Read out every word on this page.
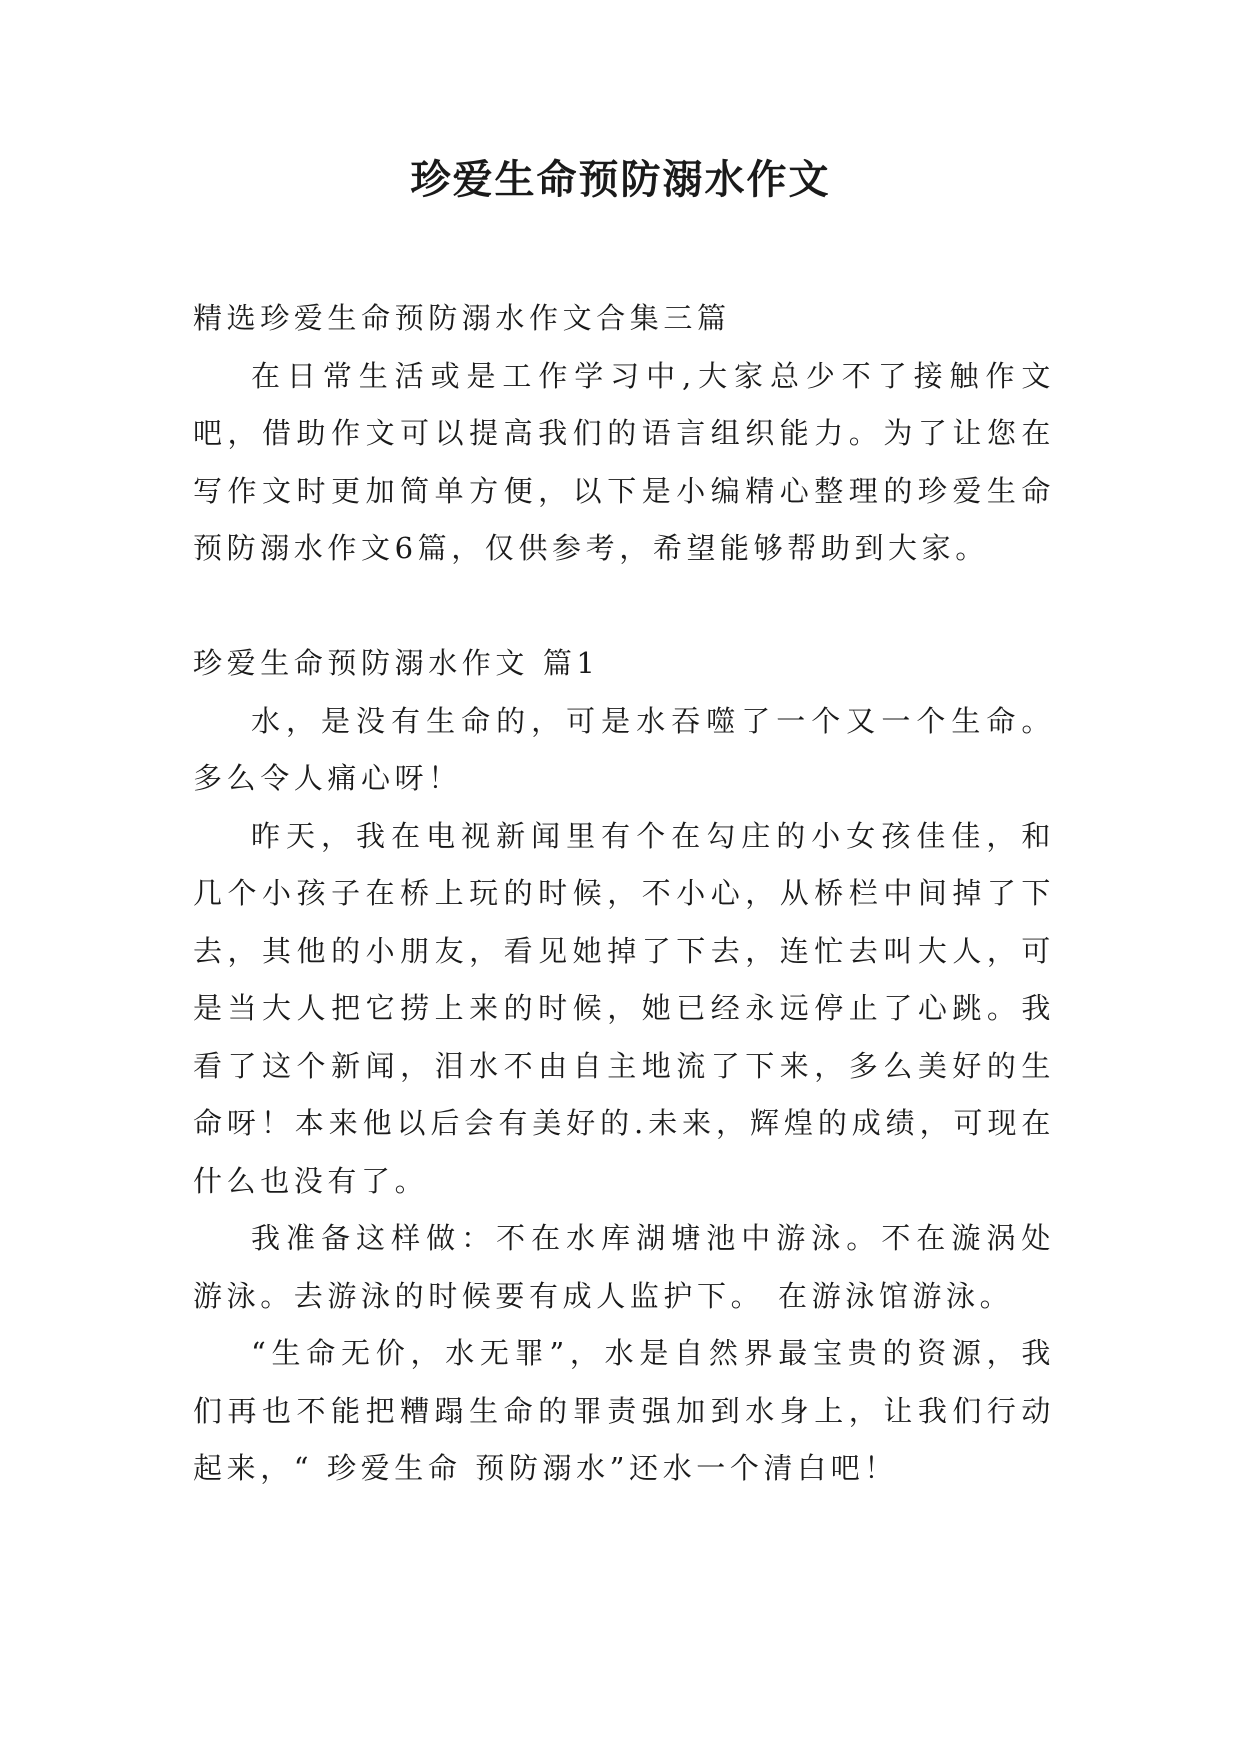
珍爱生命预防溺水作文

精选珍爱生命预防溺水作文合集三篇

在日常生活或是工作学习中,大家总少不了接触作文吧，借助作文可以提高我们的语言组织能力。为了让您在写作文时更加简单方便，以下是小编精心整理的珍爱生命预防溺水作文6篇，仅供参考，希望能够帮助到大家。

珍爱生命预防溺水作文 篇1

水，是没有生命的，可是水吞噬了一个又一个生命。多么令人痛心呀！

昨天，我在电视新闻里有个在勾庄的小女孩佳佳，和几个小孩子在桥上玩的时候，不小心，从桥栏中间掉了下去，其他的小朋友，看见她掉了下去，连忙去叫大人，可是当大人把它捞上来的时候，她已经永远停止了心跳。我看了这个新闻，泪水不由自主地流了下来，多么美好的生命呀！本来他以后会有美好的.未来，辉煌的成绩，可现在什么也没有了。

我准备这样做：不在水库湖塘池中游泳。不在漩涡处游泳。去游泳的时候要有成人监护下。 在游泳馆游泳。

“生命无价，水无罪”，水是自然界最宝贵的资源，我们再也不能把糟蹋生命的罪责强加到水身上，让我们行动起来，“ 珍爱生命 预防溺水”还水一个清白吧！
